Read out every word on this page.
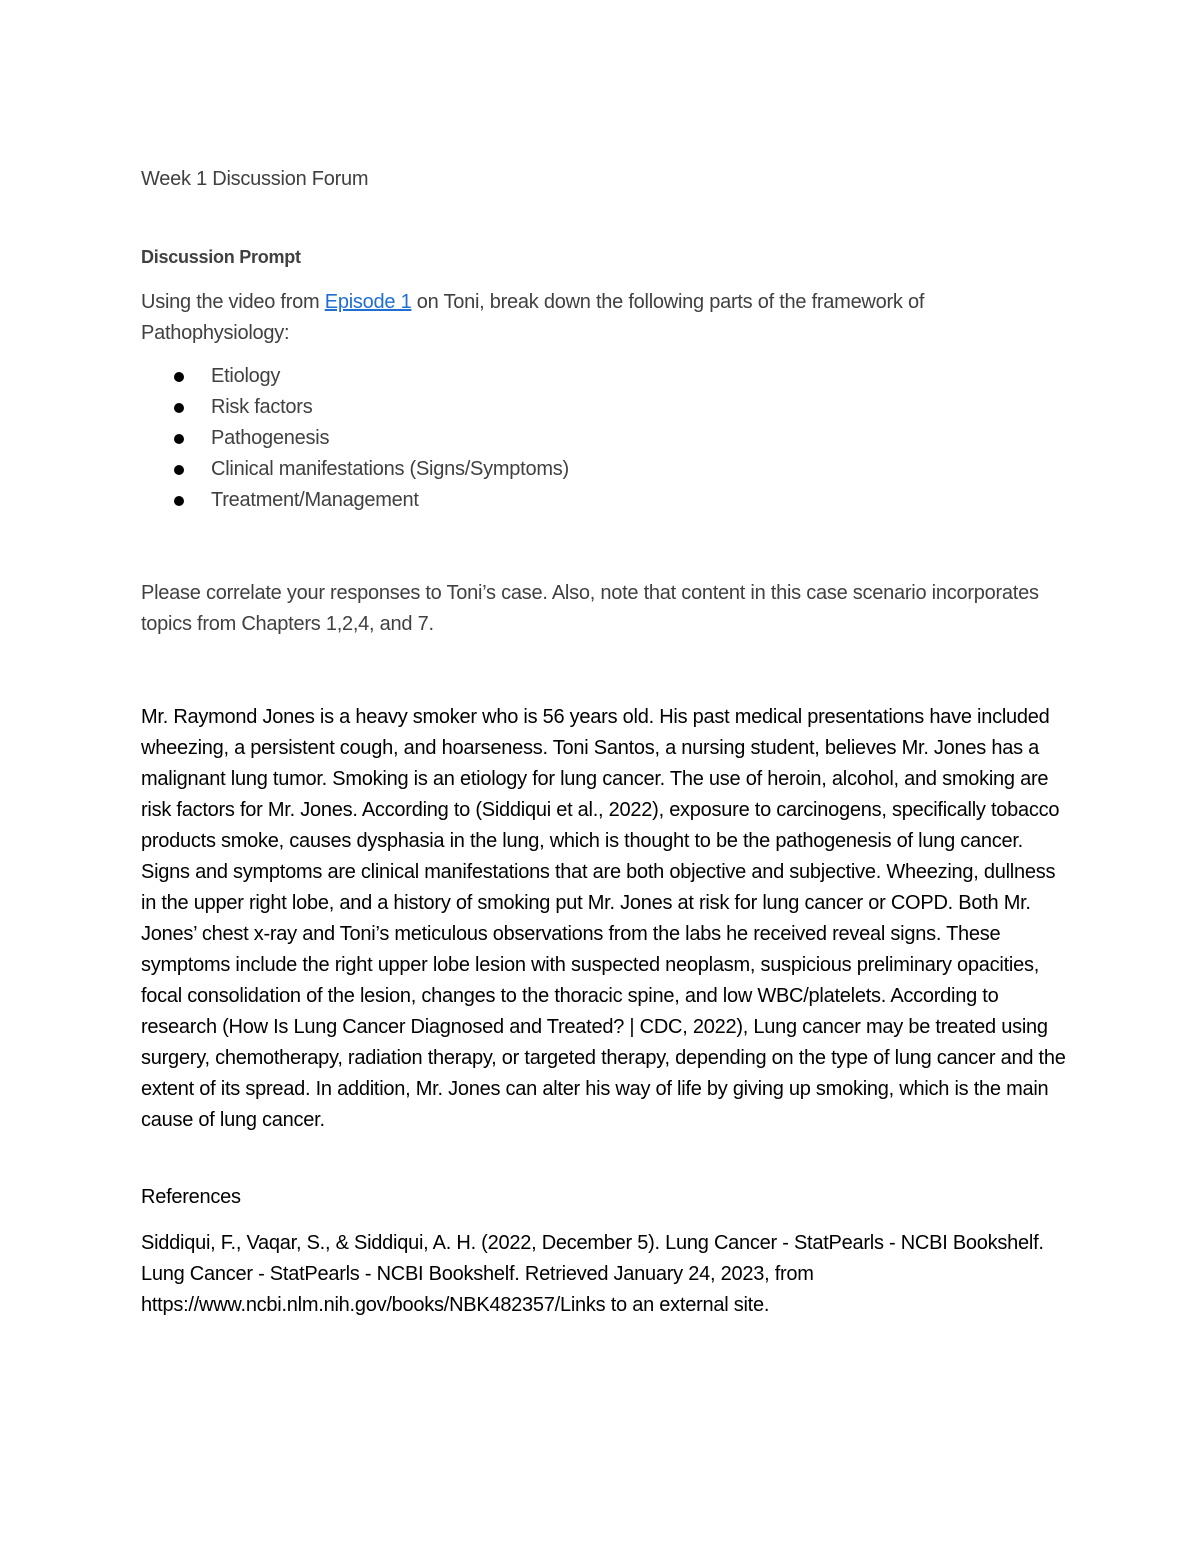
Week 1 Discussion Forum
Discussion Prompt

Using the video from Episode 1 on Toni, break down the following parts of the framework of Pathophysiology:

Etiology
Risk factors
Pathogenesis
Clinical manifestations (Signs/Symptoms)
Treatment/Management

Please correlate your responses to Toni’s case. Also, note that content in this case scenario incorporates topics from Chapters 1,2,4, and 7.

Mr. Raymond Jones is a heavy smoker who is 56 years old. His past medical presentations have included wheezing, a persistent cough, and hoarseness. Toni Santos, a nursing student, believes Mr. Jones has a malignant lung tumor. Smoking is an etiology for lung cancer. The use of heroin, alcohol, and smoking are risk factors for Mr. Jones. According to (Siddiqui et al., 2022), exposure to carcinogens, specifically tobacco products smoke, causes dysphasia in the lung, which is thought to be the pathogenesis of lung cancer. Signs and symptoms are clinical manifestations that are both objective and subjective. Wheezing, dullness in the upper right lobe, and a history of smoking put Mr. Jones at risk for lung cancer or COPD. Both Mr. Jones’ chest x-ray and Toni’s meticulous observations from the labs he received reveal signs. These symptoms include the right upper lobe lesion with suspected neoplasm, suspicious preliminary opacities, focal consolidation of the lesion, changes to the thoracic spine, and low WBC/platelets. According to research (How Is Lung Cancer Diagnosed and Treated? | CDC, 2022), Lung cancer may be treated using surgery, chemotherapy, radiation therapy, or targeted therapy, depending on the type of lung cancer and the extent of its spread. In addition, Mr. Jones can alter his way of life by giving up smoking, which is the main cause of lung cancer.

References

Siddiqui, F., Vaqar, S., & Siddiqui, A. H. (2022, December 5). Lung Cancer - StatPearls - NCBI Bookshelf. Lung Cancer - StatPearls - NCBI Bookshelf. Retrieved January 24, 2023, from https://www.ncbi.nlm.nih.gov/books/NBK482357/Links to an external site.
